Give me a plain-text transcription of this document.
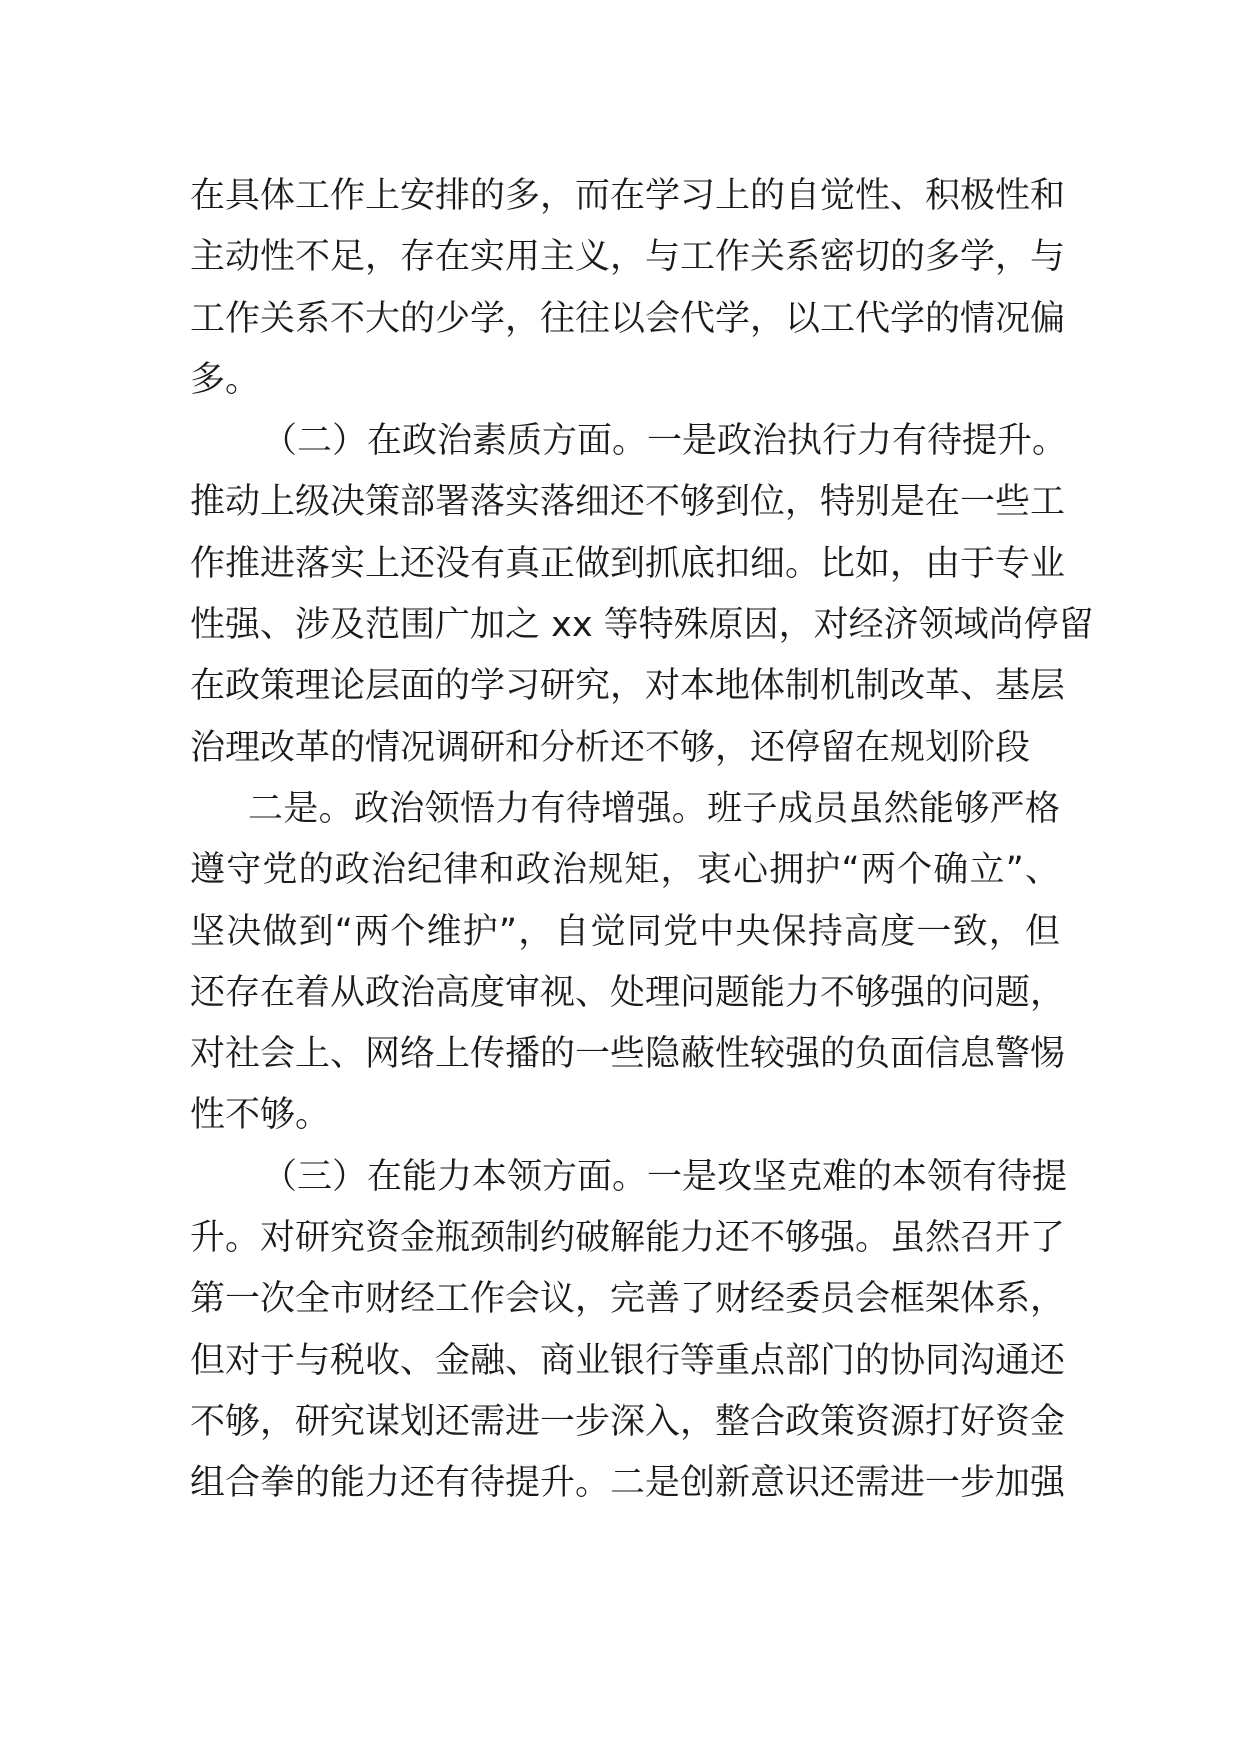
在具体工作上安排的多，而在学习上的自觉性、积极性和
主动性不足，存在实用主义，与工作关系密切的多学，与
工作关系不大的少学，往往以会代学，以工代学的情况偏
多。
（二）在政治素质方面。一是政治执行力有待提升。
推动上级决策部署落实落细还不够到位，特别是在一些工
作推进落实上还没有真正做到抓底扣细。比如，由于专业
性强、涉及范围广加之 xx 等特殊原因，对经济领域尚停留
在政策理论层面的学习研究，对本地体制机制改革、基层
治理改革的情况调研和分析还不够，还停留在规划阶段
二是。政治领悟力有待增强。班子成员虽然能够严格
遵守党的政治纪律和政治规矩，衷心拥护“两个确立”、
坚决做到“两个维护”，自觉同党中央保持高度一致，但
还存在着从政治高度审视、处理问题能力不够强的问题，
对社会上、网络上传播的一些隐蔽性较强的负面信息警惕
性不够。
（三）在能力本领方面。一是攻坚克难的本领有待提
升。对研究资金瓶颈制约破解能力还不够强。虽然召开了
第一次全市财经工作会议，完善了财经委员会框架体系，
但对于与税收、金融、商业银行等重点部门的协同沟通还
不够，研究谋划还需进一步深入，整合政策资源打好资金
组合拳的能力还有待提升。二是创新意识还需进一步加强
